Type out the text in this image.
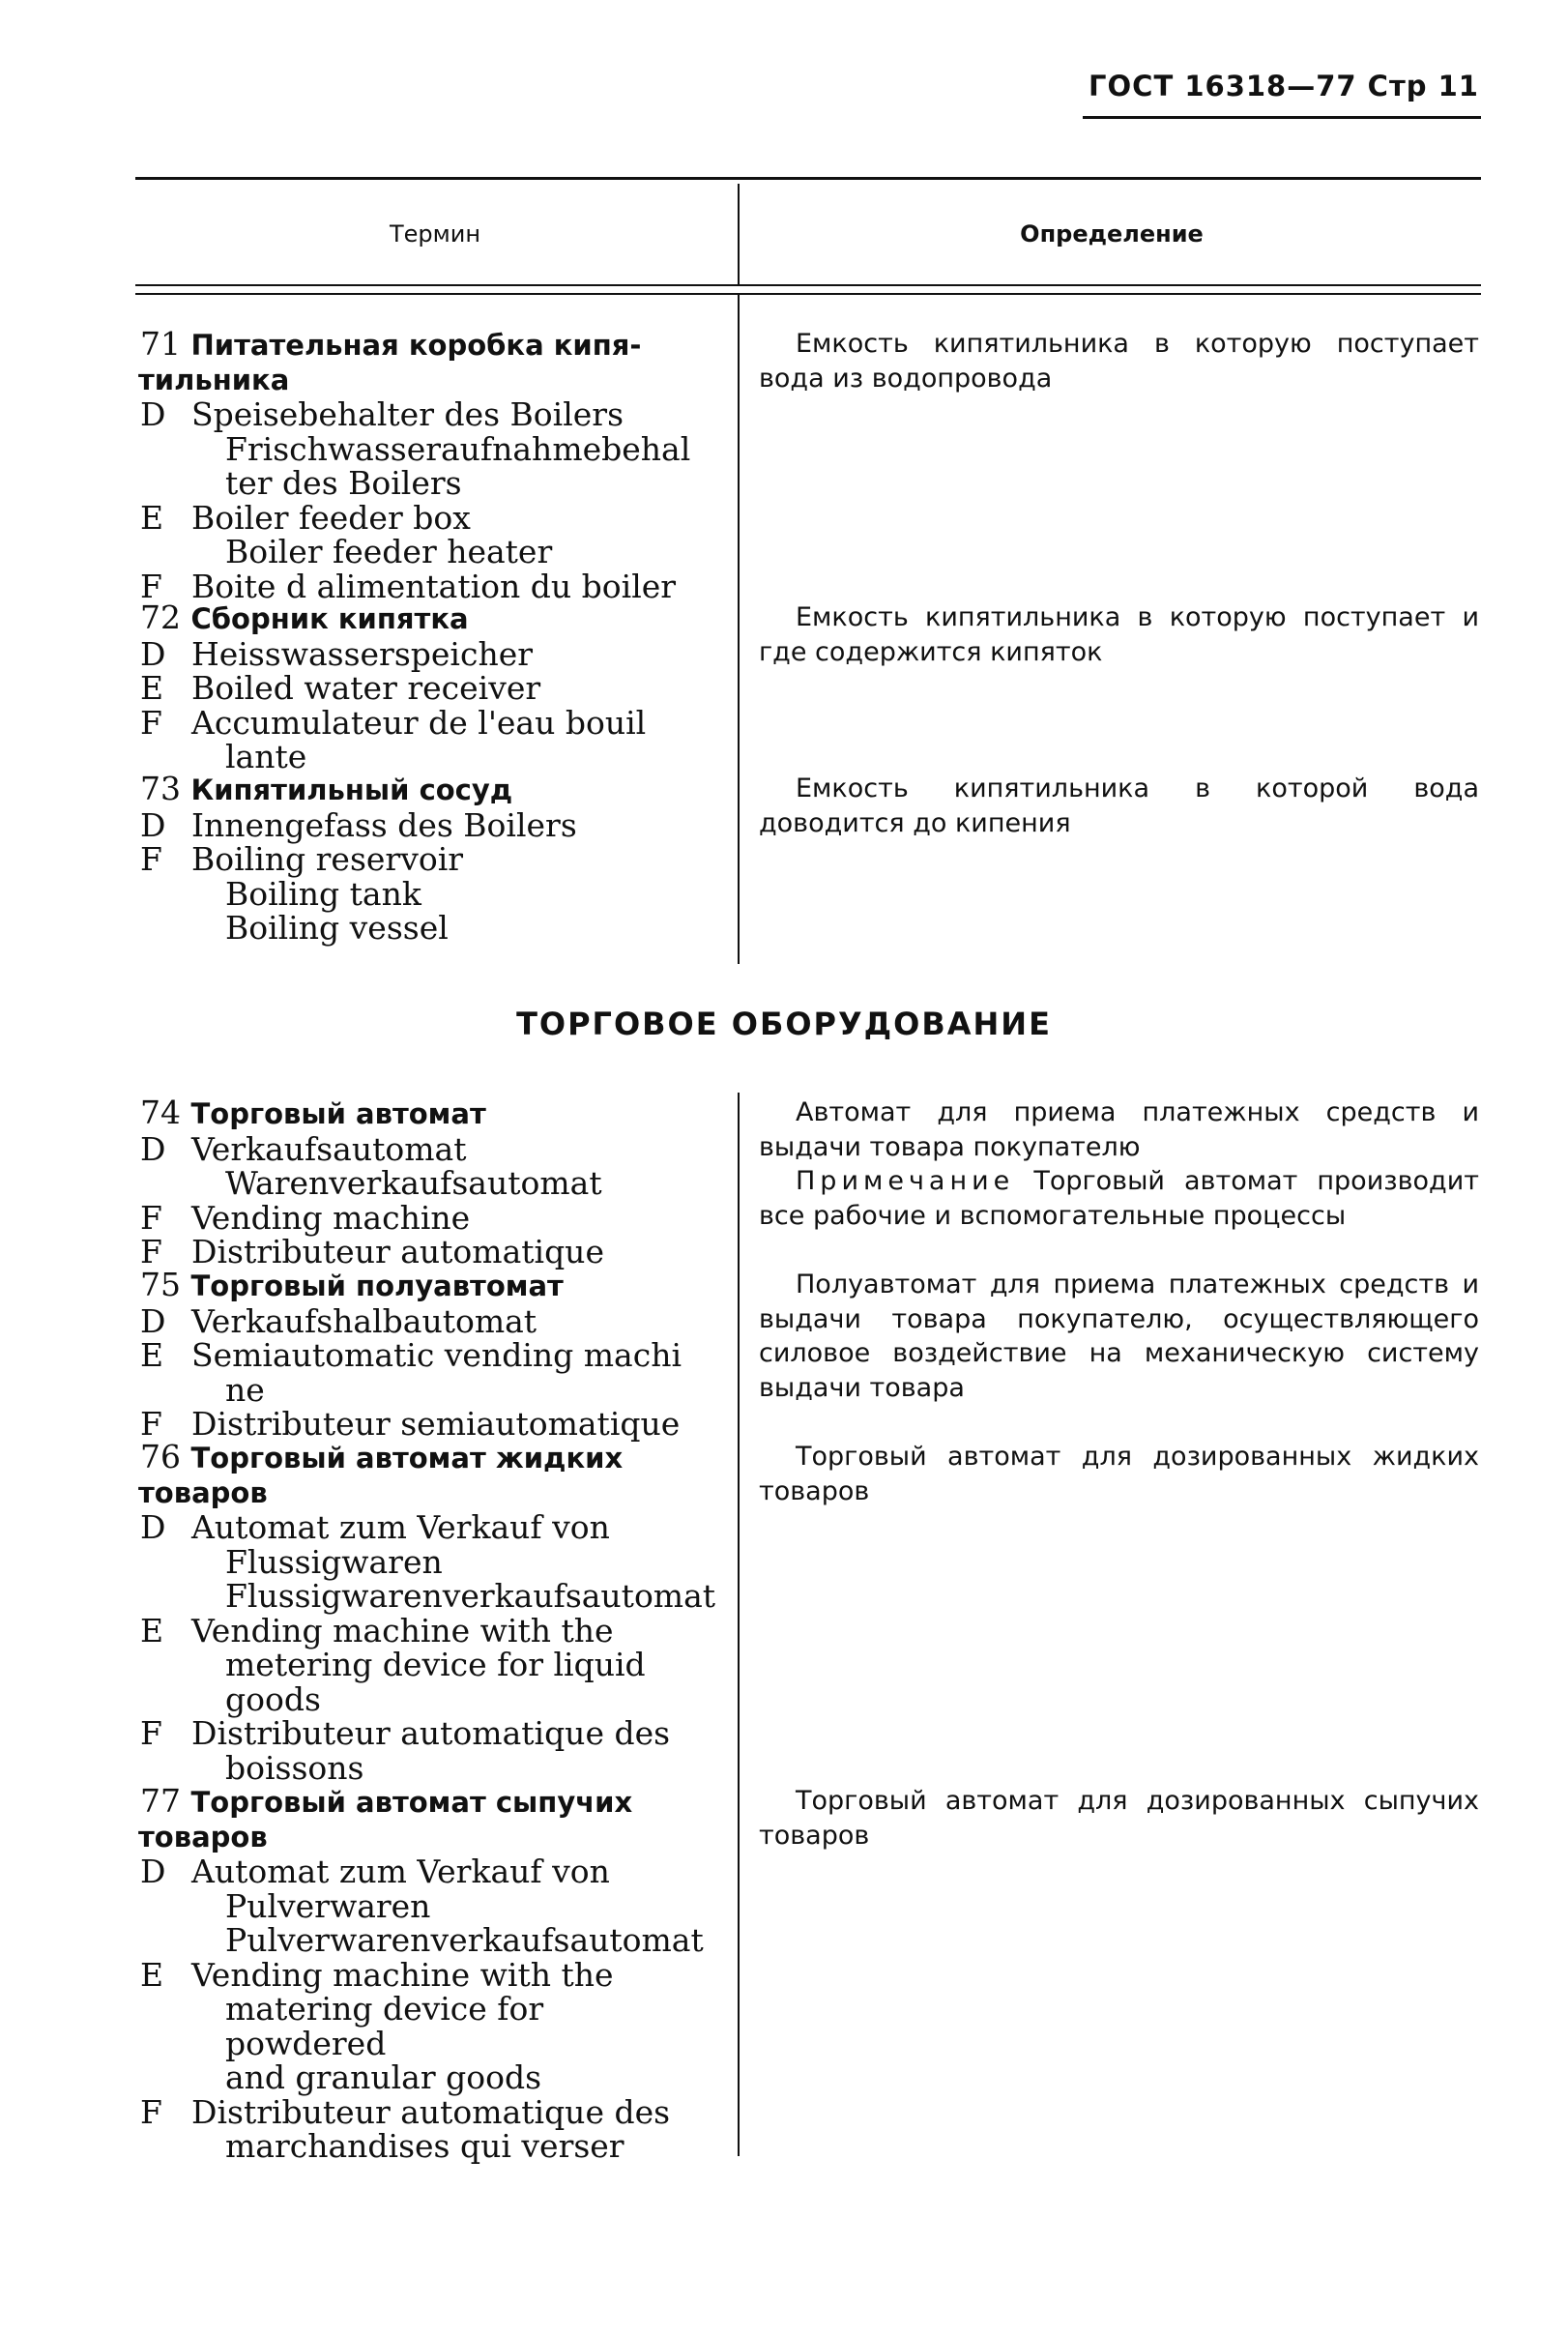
ГОСТ 16318—77 Стр 11
Термин	Определение
71 Питательная коробка кипя-
тильника
D Speisebehalter des Boilers
Frischwasseraufnahmebehal
ter des Boilers
E Boiler feeder box
Boiler feeder heater
F Boite d alimentation du boiler

Емкость кипятильника в которую поступает вода из водопровода

72 Сборник кипятка
D Heisswasserspeicher
E Boiled water receiver
F Accumulateur de l'eau bouil
lante

Емкость кипятильника в которую поступает и где содержится кипяток

73 Кипятильный сосуд
D Innengefass des Boilers
F Boiling reservoir
Boiling tank
Boiling vessel

Емкость кипятильника в которой вода доводится до кипения

ТОРГОВОЕ ОБОРУДОВАНИЕ
74 Торговый автомат
D Verkaufsautomat
Warenverkaufsautomat
F Vending machine
F Distributeur automatique

Автомат для приема платежных средств и выдачи товара покупателю

Примечание Торговый автомат производит все рабочие и вспомогательные процессы

75 Торговый полуавтомат
D Verkaufshalbautomat
E Semiautomatic vending machi
ne
F Distributeur semiautomatique

Полуавтомат для приема платежных средств и выдачи товара покупателю, осуществляющего силовое воздействие на механическую систему выдачи товара

76 Торговый автомат жидких
товаров
D Automat zum Verkauf von
Flussigwaren
Flussigwarenverkaufsautomat
E Vending machine with the
metering device for liquid
goods
F Distributeur automatique des
boissons

Торговый автомат для дозированных жидких товаров

77 Торговый автомат сыпучих
товаров
D Automat zum Verkauf von
Pulverwaren
Pulverwarenverkaufsautomat
E Vending machine with the
matering device for powdered
and granular goods
F Distributeur automatique des
marchandises qui verser

Торговый автомат для дозированных сыпучих товаров
